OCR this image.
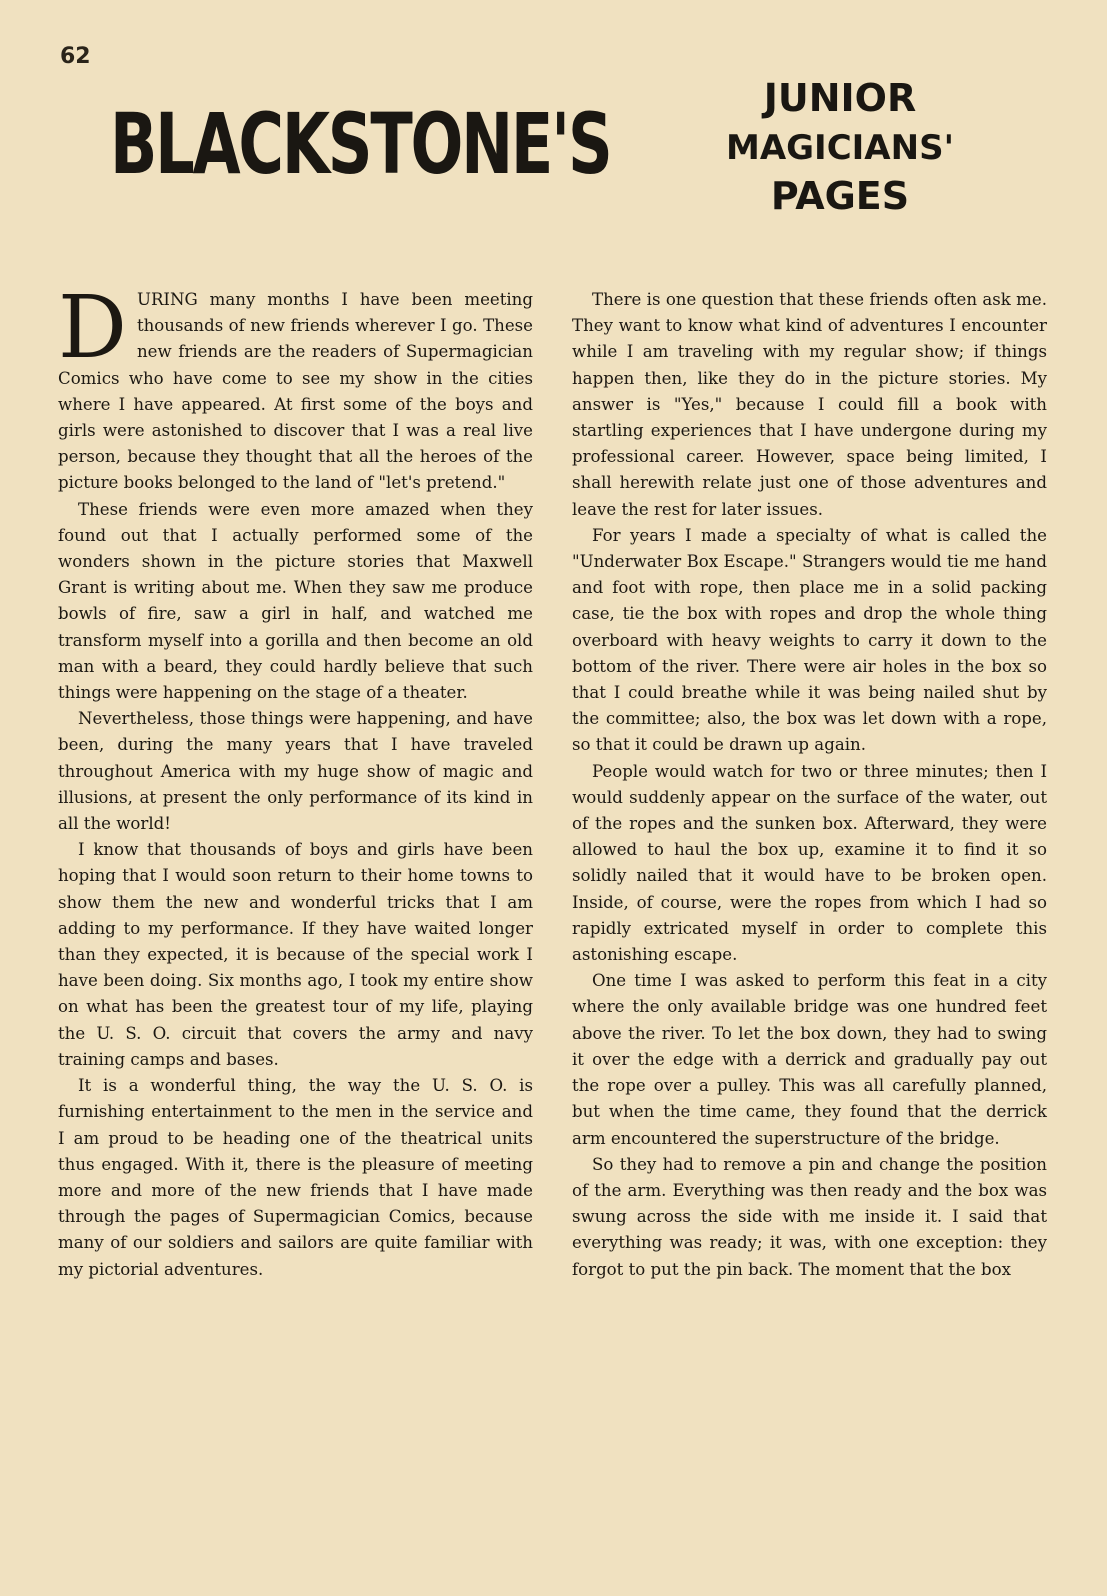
62
BLACKSTONE'S	JUNIOR
MAGICIANS'
PAGES

DURING many months I have been meeting thousands of new friends wherever I go. These new friends are the readers of Supermagician Comics who have come to see my show in the cities where I have appeared. At first some of the boys and girls were astonished to discover that I was a real live person, because they thought that all the heroes of the picture books belonged to the land of "let's pretend."

These friends were even more amazed when they found out that I actually performed some of the wonders shown in the picture stories that Maxwell Grant is writing about me. When they saw me produce bowls of fire, saw a girl in half, and watched me transform myself into a gorilla and then become an old man with a beard, they could hardly believe that such things were happening on the stage of a theater.

Nevertheless, those things were happening, and have been, during the many years that I have traveled throughout America with my huge show of magic and illusions, at present the only performance of its kind in all the world!

I know that thousands of boys and girls have been hoping that I would soon return to their home towns to show them the new and wonderful tricks that I am adding to my performance. If they have waited longer than they expected, it is because of the special work I have been doing. Six months ago, I took my entire show on what has been the greatest tour of my life, playing the U. S. O. circuit that covers the army and navy training camps and bases.

It is a wonderful thing, the way the U. S. O. is furnishing entertainment to the men in the service and I am proud to be heading one of the theatrical units thus engaged. With it, there is the pleasure of meeting more and more of the new friends that I have made through the pages of Supermagician Comics, because many of our soldiers and sailors are quite familiar with my pictorial adventures.

There is one question that these friends often ask me. They want to know what kind of adventures I encounter while I am traveling with my regular show; if things happen then, like they do in the picture stories. My answer is "Yes," because I could fill a book with startling experiences that I have undergone during my professional career. However, space being limited, I shall herewith relate just one of those adventures and leave the rest for later issues.

For years I made a specialty of what is called the "Underwater Box Escape." Strangers would tie me hand and foot with rope, then place me in a solid packing case, tie the box with ropes and drop the whole thing overboard with heavy weights to carry it down to the bottom of the river. There were air holes in the box so that I could breathe while it was being nailed shut by the committee; also, the box was let down with a rope, so that it could be drawn up again.

People would watch for two or three minutes; then I would suddenly appear on the surface of the water, out of the ropes and the sunken box. Afterward, they were allowed to haul the box up, examine it to find it so solidly nailed that it would have to be broken open. Inside, of course, were the ropes from which I had so rapidly extricated myself in order to complete this astonishing escape.

One time I was asked to perform this feat in a city where the only available bridge was one hundred feet above the river. To let the box down, they had to swing it over the edge with a derrick and gradually pay out the rope over a pulley. This was all carefully planned, but when the time came, they found that the derrick arm encountered the superstructure of the bridge.

So they had to remove a pin and change the position of the arm. Everything was then ready and the box was swung across the side with me inside it. I said that everything was ready; it was, with one exception: they forgot to put the pin back. The moment that the box
